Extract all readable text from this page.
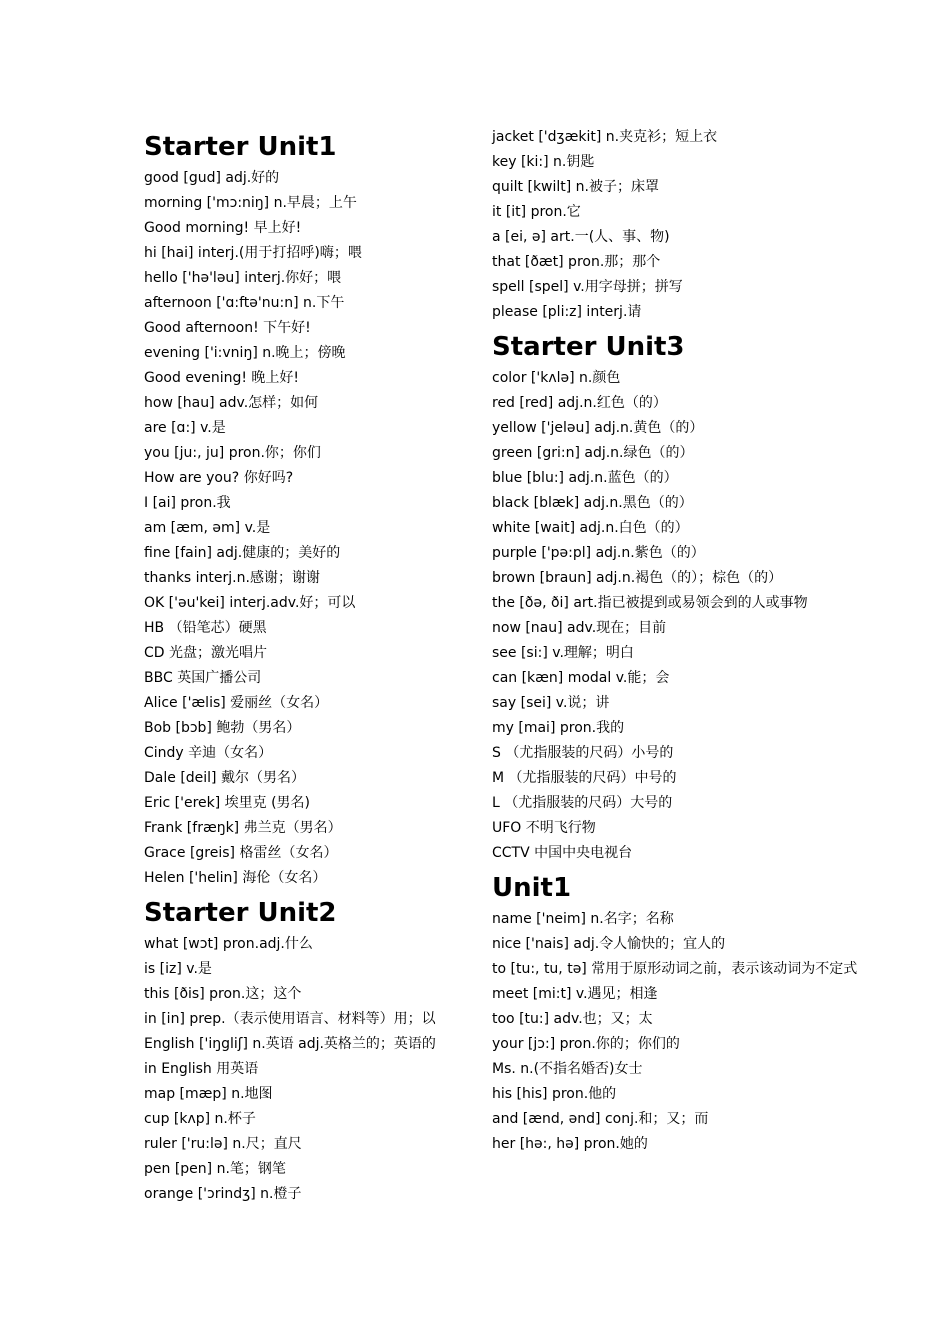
Starter Unit1
good [gud] adj.好的
morning ['mɔ:niŋ] n.早晨；上午
Good morning! 早上好!
hi [hai] interj.(用于打招呼)嗨；喂
hello ['hə'ləu] interj.你好；喂
afternoon ['ɑ:ftə'nu:n] n.下午
Good afternoon! 下午好!
evening ['i:vniŋ] n.晚上；傍晚
Good evening! 晚上好!
how [hau] adv.怎样；如何
are [ɑ:] v.是
you [ju:, ju] pron.你；你们
How are you? 你好吗?
I [ai] pron.我
am [æm, əm] v.是
fine [fain] adj.健康的；美好的
thanks interj.n.感谢；谢谢
OK ['əu'kei] interj.adv.好；可以
HB （铅笔芯）硬黑
CD 光盘；激光唱片
BBC 英国广播公司
Alice ['ælis] 爱丽丝（女名）
Bob [bɔb] 鲍勃（男名）
Cindy 辛迪（女名）
Dale [deil] 戴尔（男名）
Eric ['erek] 埃里克 (男名)
Frank [fræŋk] 弗兰克（男名）
Grace [greis] 格雷丝（女名）
Helen ['helin] 海伦（女名）
Starter Unit2
what [wɔt] pron.adj.什么
is [iz] v.是
this [ðis] pron.这；这个
in [in] prep.（表示使用语言、材料等）用；以
English ['iŋgliʃ] n.英语 adj.英格兰的；英语的
in English 用英语
map [mæp] n.地图
cup [kʌp] n.杯子
ruler ['ru:lə] n.尺；直尺
pen [pen] n.笔；钢笔
orange ['ɔrindʒ] n.橙子
jacket ['dʒækit] n.夹克衫；短上衣
key [ki:] n.钥匙
quilt [kwilt] n.被子；床罩
it [it] pron.它
a [ei, ə] art.一(人、事、物)
that [ðæt] pron.那；那个
spell [spel] v.用字母拼；拼写
please [pli:z] interj.请
Starter Unit3
color ['kʌlə] n.颜色
red [red] adj.n.红色（的）
yellow ['jeləu] adj.n.黄色（的）
green [gri:n] adj.n.绿色（的）
blue [blu:] adj.n.蓝色（的）
black [blæk] adj.n.黑色（的）
white [wait] adj.n.白色（的）
purple ['pə:pl] adj.n.紫色（的）
brown [braun] adj.n.褐色（的）；棕色（的）
the [ðə, ði] art.指已被提到或易领会到的人或事物
now [nau] adv.现在；目前
see [si:] v.理解；明白
can [kæn] modal v.能；会
say [sei] v.说；讲
my [mai] pron.我的
S （尤指服装的尺码）小号的
M （尤指服装的尺码）中号的
L （尤指服装的尺码）大号的
UFO 不明飞行物
CCTV 中国中央电视台
Unit1
name ['neim] n.名字；名称
nice ['nais] adj.令人愉快的；宜人的
to [tu:, tu, tə] 常用于原形动词之前，表示该动词为不定式
meet [mi:t] v.遇见；相逢
too [tu:] adv.也；又；太
your [jɔ:] pron.你的；你们的
Ms. n.(不指名婚否)女士
his [his] pron.他的
and [ænd, ənd] conj.和；又；而
her [hə:, hə] pron.她的
